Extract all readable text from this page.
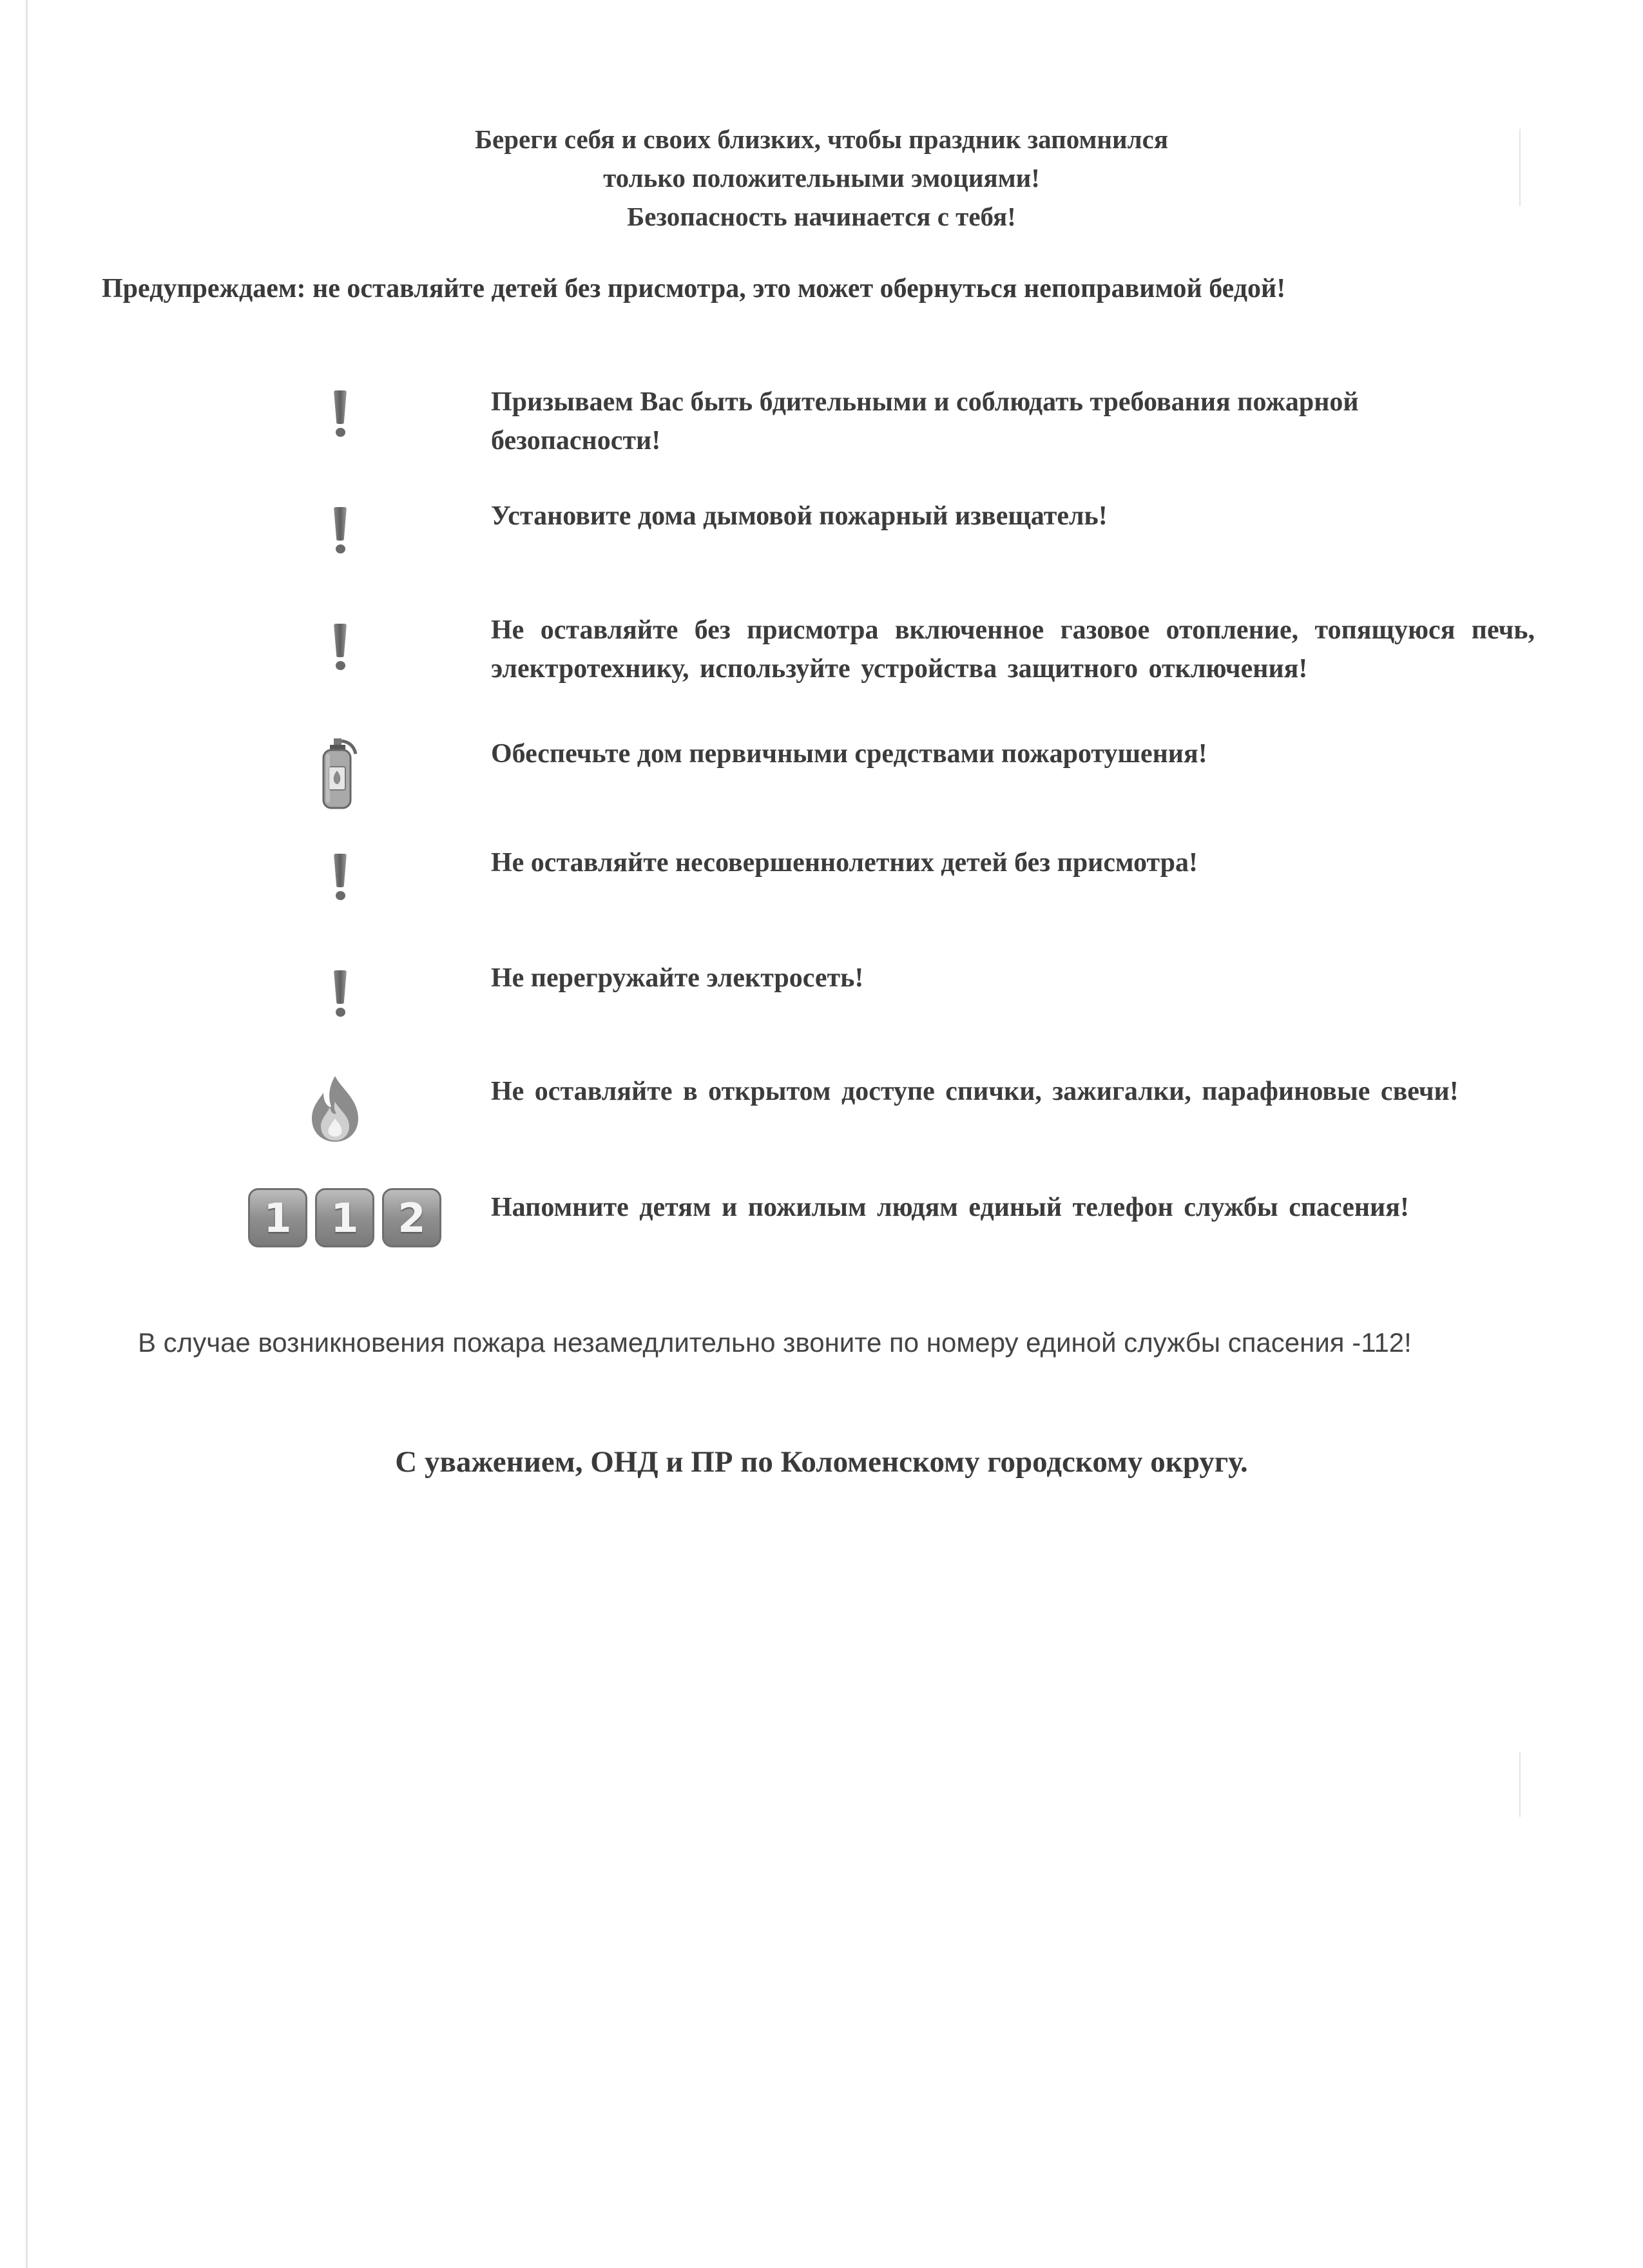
Береги себя и своих близких, чтобы праздник запомнился
только положительными эмоциями!
Безопасность начинается с тебя!
Предупреждаем: не оставляйте детей без присмотра, это может обернуться непоправимой бедой!
Призываем Вас быть бдительными и соблюдать требования пожарной безопасности!
Установите дома дымовой пожарный извещатель!
Не оставляйте без присмотра включенное газовое отопление, топящуюся печь, электротехнику, используйте устройства защитного отключения!
Обеспечьте дом первичными средствами пожаротушения!
Не оставляйте несовершеннолетних детей без присмотра!
Не перегружайте электросеть!
Не оставляйте в открытом доступе спички, зажигалки, парафиновые свечи!
1 1 2	Напомните детям и пожилым людям единый телефон службы спасения!
В случае возникновения пожара незамедлительно звоните по номеру единой службы спасения -112!
С уважением, ОНД и ПР по Коломенскому городскому округу.
